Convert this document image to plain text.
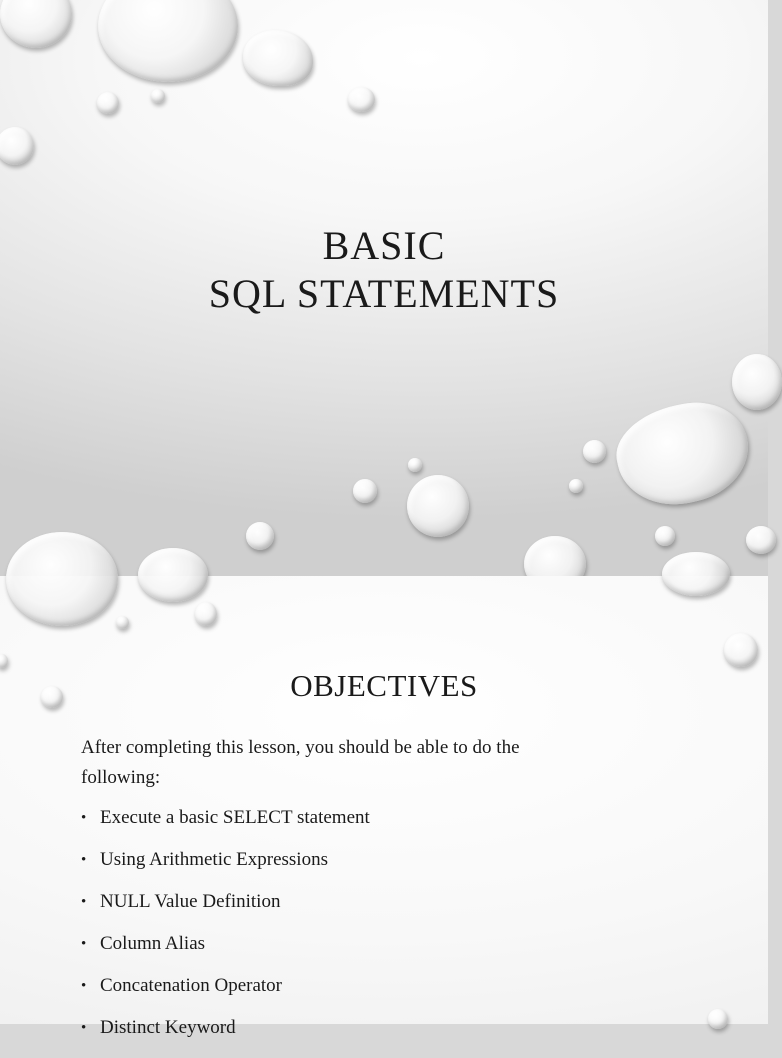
BASIC
SQL STATEMENTS
OBJECTIVES
After completing this lesson, you should be able to do the following:
• Execute a basic SELECT statement
• Using Arithmetic Expressions
• NULL Value Definition
• Column Alias
• Concatenation Operator
• Distinct Keyword
